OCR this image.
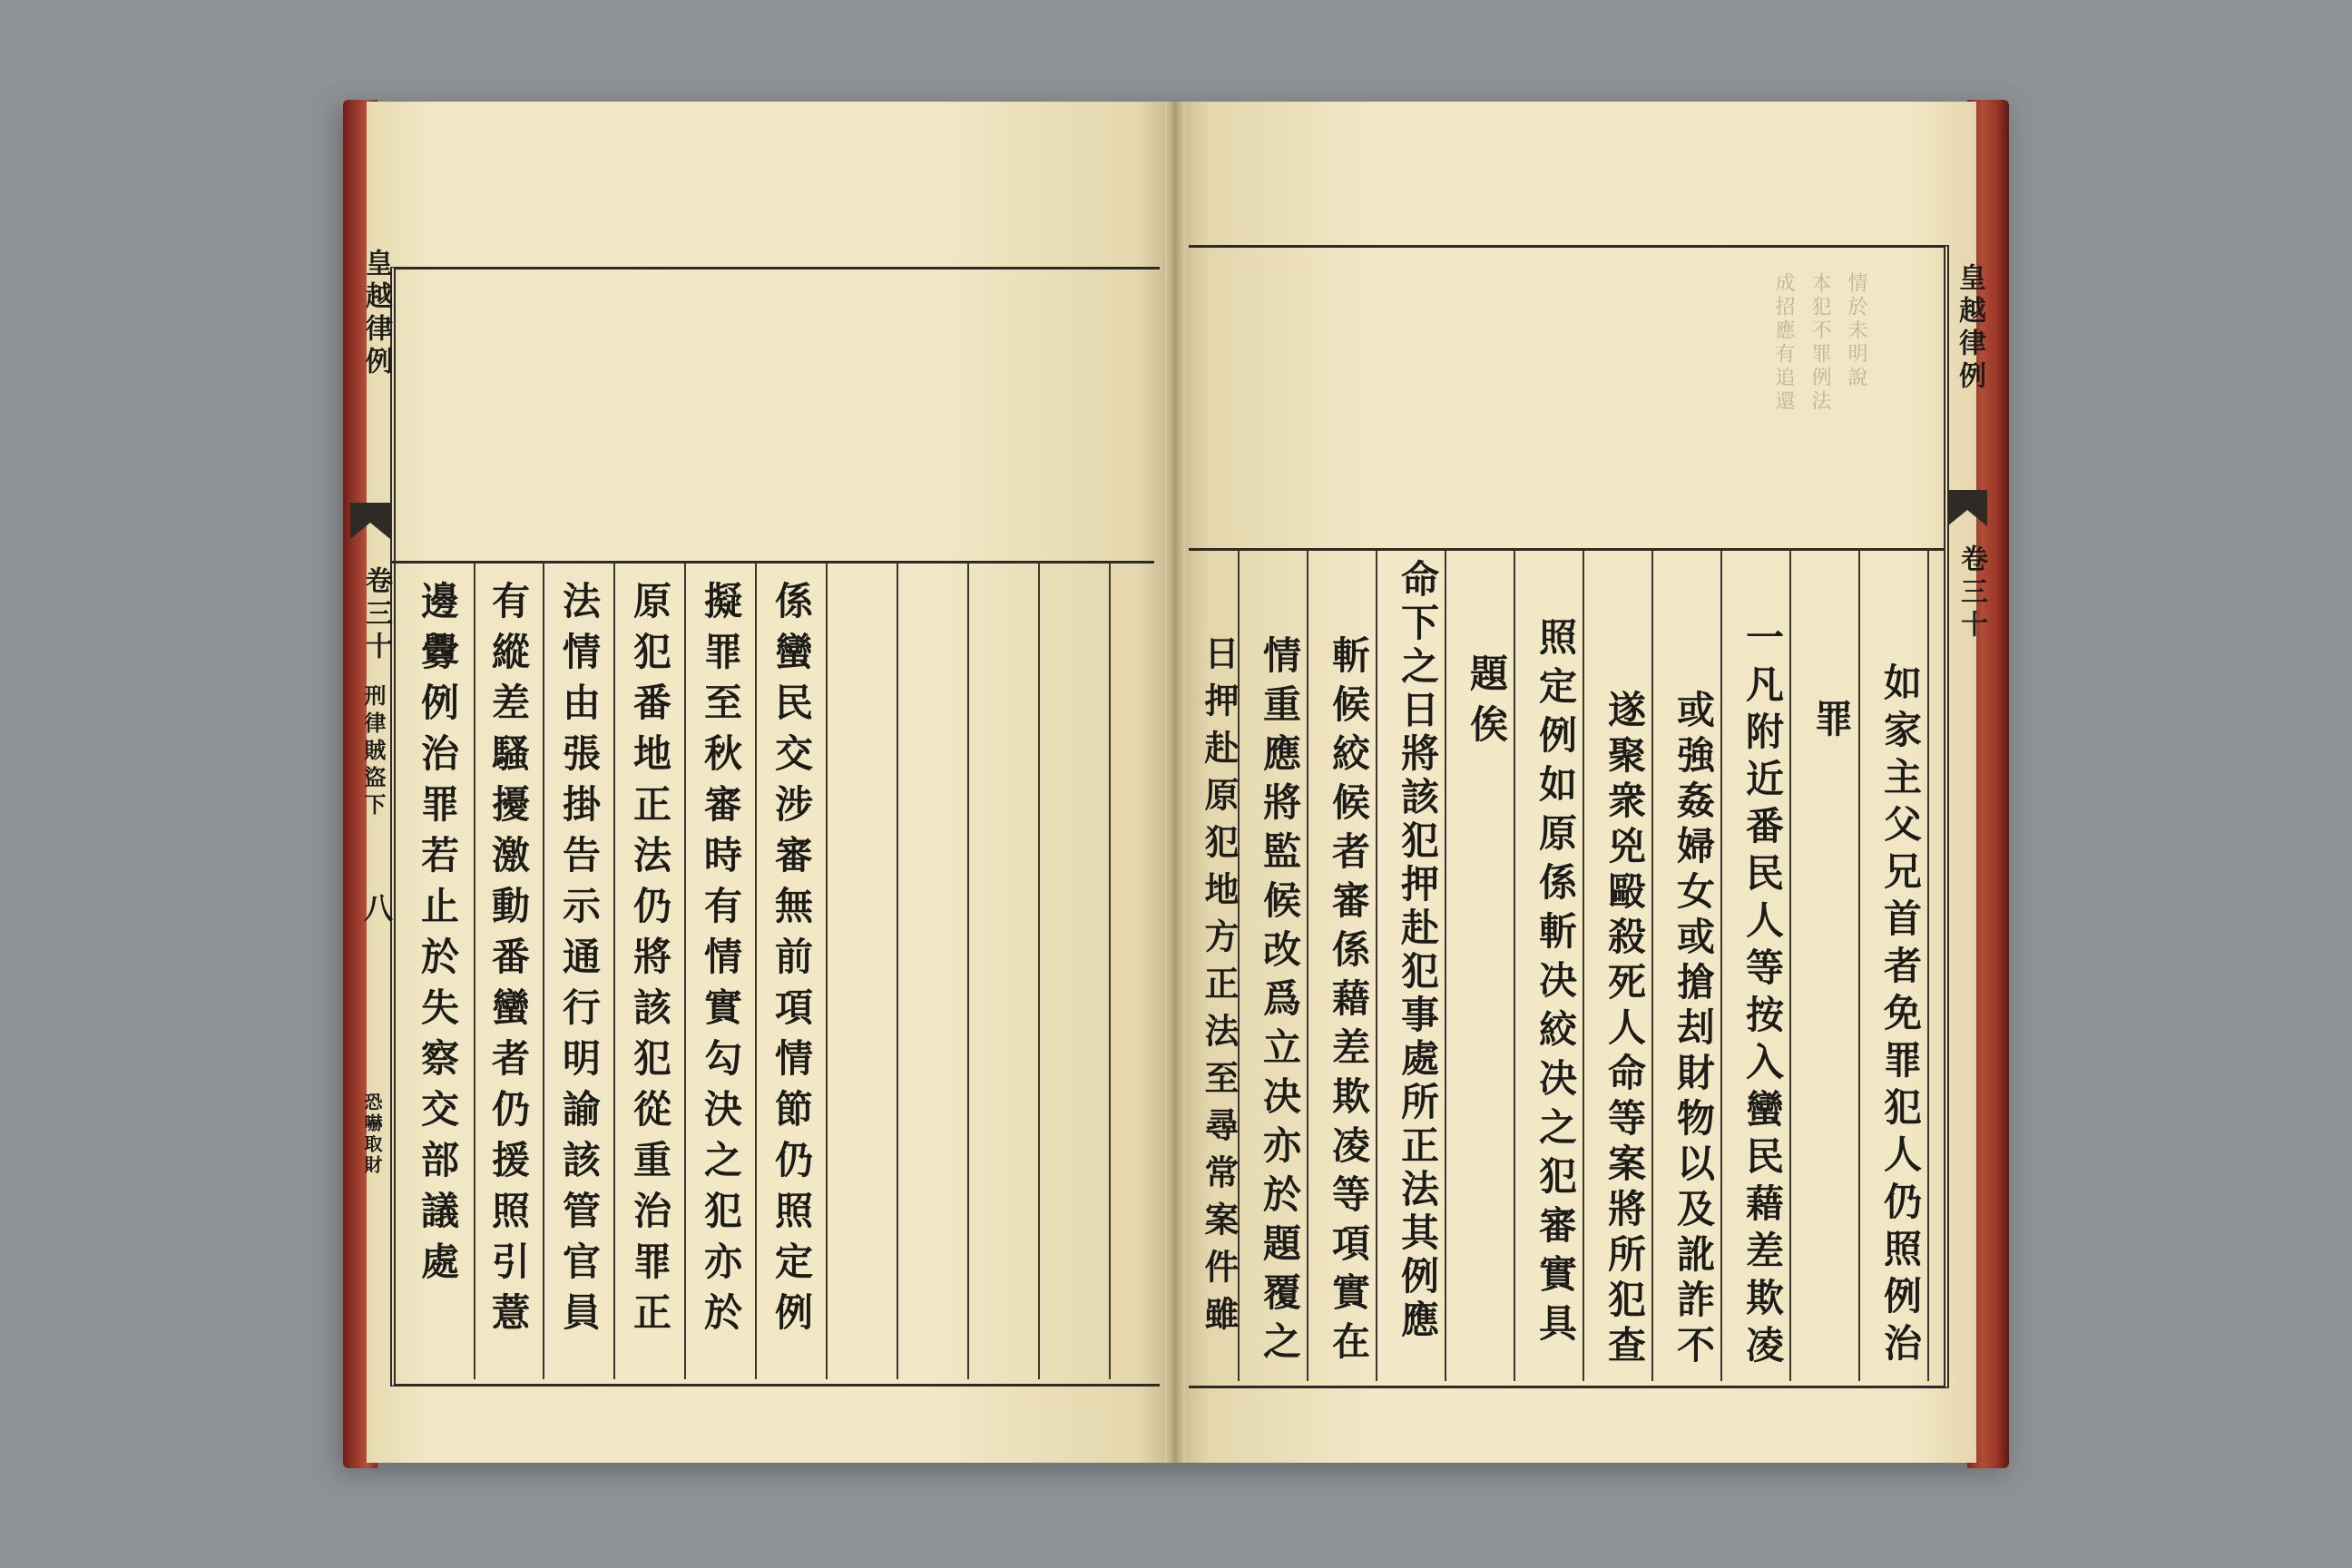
皇越律例
卷三十
刑律賊盜下
八
恐嚇取財	係蠻民交涉審無前項情節仍照定例
擬罪至秋審時有情實勾決之犯亦於
原犯番地正法仍將該犯從重治罪正
法情由張掛告示通行明諭該管官員
有縱差騷擾激動番蠻者仍援照引薏
邊釁例治罪若止於失察交部議處
皇越律例
卷三十
情於未明說
本犯不罪例法
成招應有追還
如家主父兄首者免罪犯人仍照例治
罪
一凡附近番民人等按入蠻民藉差欺凌
或強姦婦女或搶刦財物以及訛詐不
遂聚衆兇毆殺死人命等案將所犯查
照定例如原係斬决絞决之犯審實具
題俟
命下之日將該犯押赴犯事處所正法其例應
斬候絞候者審係藉差欺凌等項實在
情重應將監候改爲立决亦於題覆之
日押赴原犯地方正法至尋常案件雖
